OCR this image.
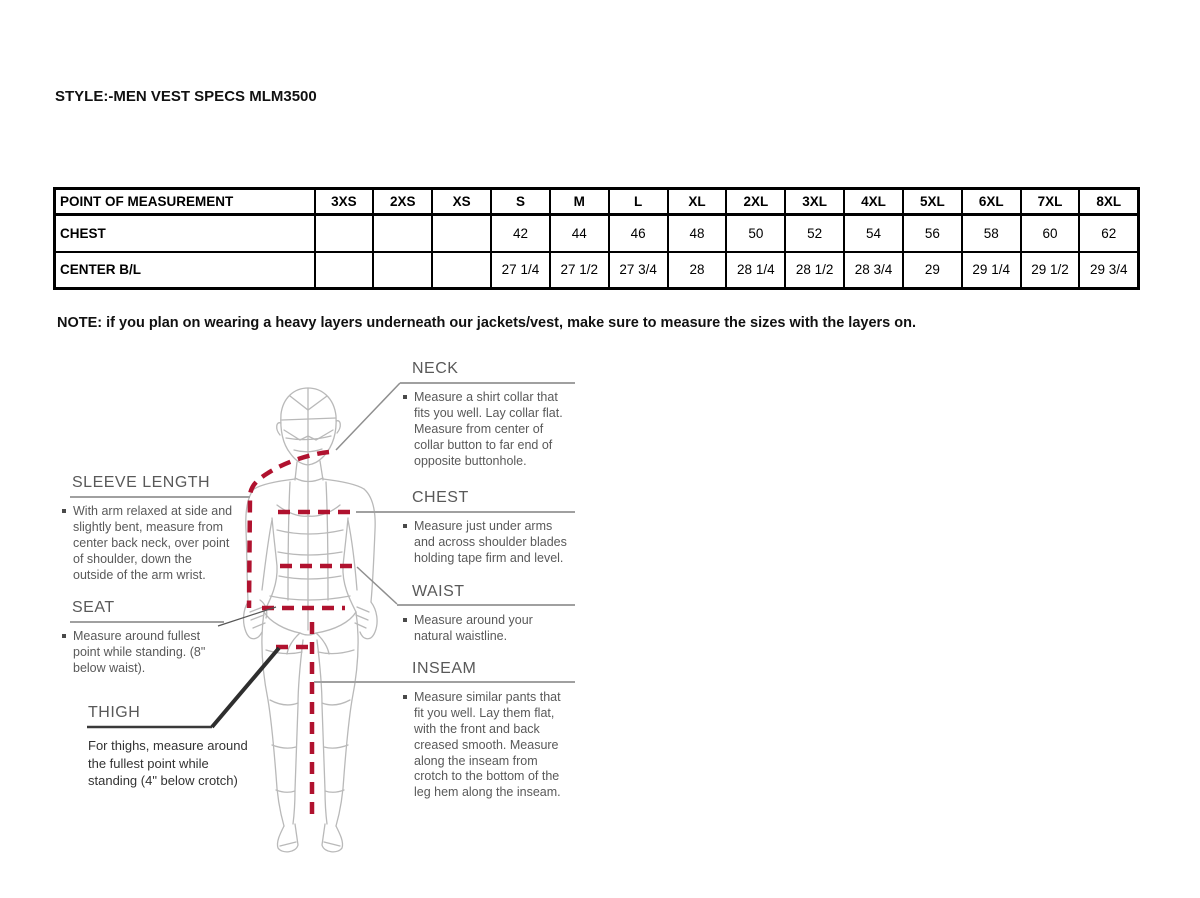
STYLE:-MEN VEST SPECS MLM3500
POINT OF MEASUREMENT	3XS	2XS	XS	S	M	L	XL	2XL	3XL	4XL	5XL	6XL	7XL	8XL
CHEST				42	44	46	48	50	52	54	56	58	60	62
CENTER B/L				27 1/4	27 1/2	27 3/4	28	28 1/4	28 1/2	28 3/4	29	29 1/4	29 1/2	29 3/4
NOTE: if you plan on wearing a heavy layers underneath our jackets/vest, make sure to measure the sizes with the layers on.
NECK
Measure a shirt collar that fits you well. Lay collar flat. Measure from center of collar button to far end of opposite buttonhole.
CHEST
Measure just under arms and across shoulder blades holding tape firm and level.
WAIST
Measure around your natural waistline.
INSEAM
Measure similar pants that fit you well. Lay them flat, with the front and back creased smooth. Measure along the inseam from crotch to the bottom of the leg hem along the inseam.
SLEEVE LENGTH
With arm relaxed at side and slightly bent, measure from center back neck, over point of shoulder, down the outside of the arm wrist.
SEAT
Measure around fullest point while standing. (8" below waist).
THIGH
For thighs, measure around the fullest point while standing (4" below crotch)
